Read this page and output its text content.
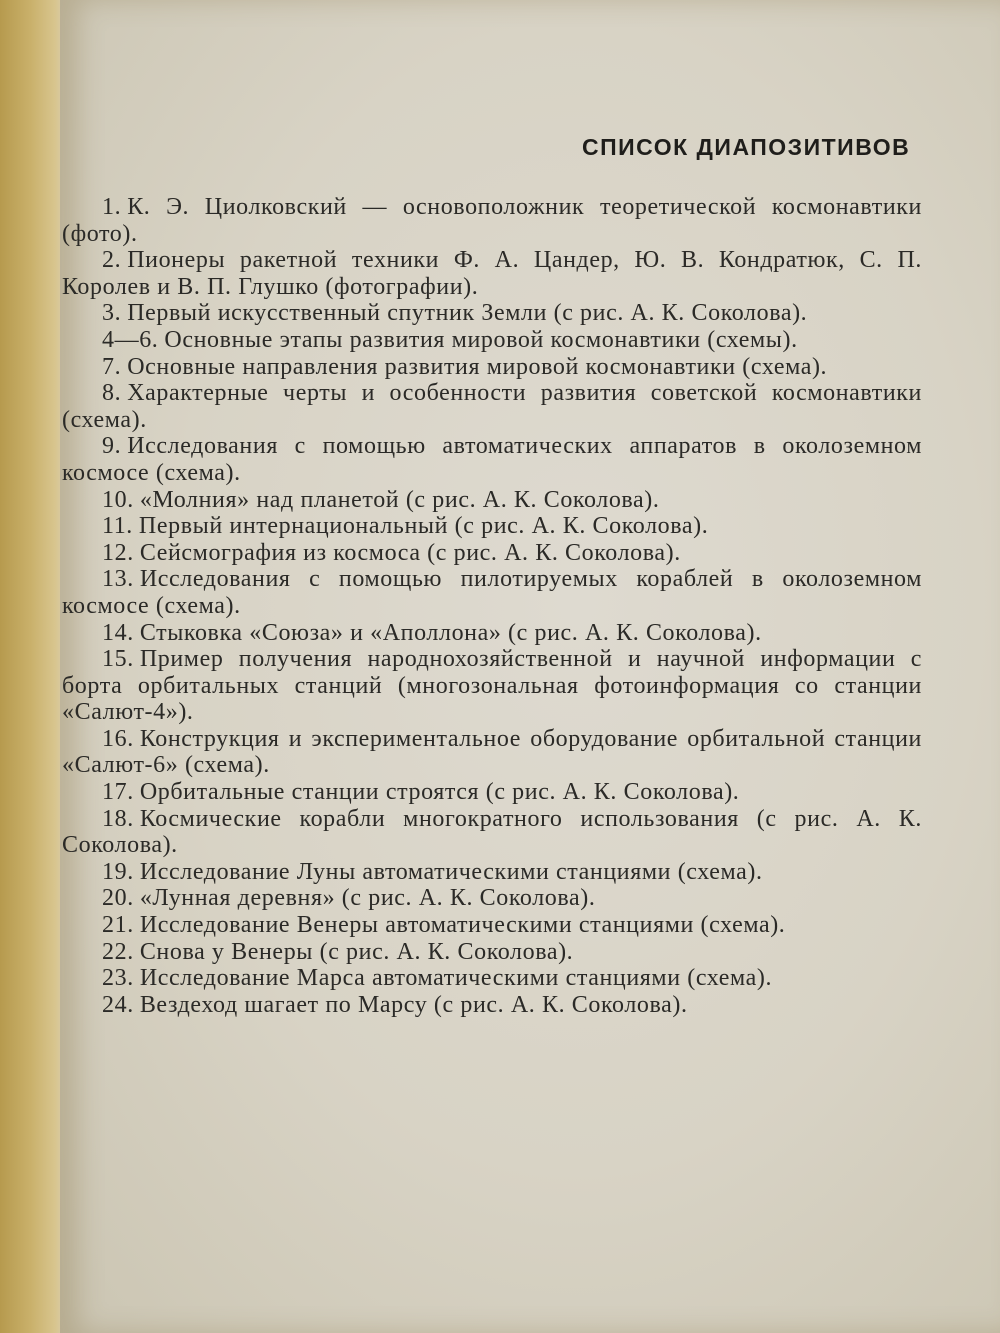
СПИСОК ДИАПОЗИТИВОВ
1. К. Э. Циолковский — основоположник теоретической космонавтики (фото).
2. Пионеры ракетной техники Ф. А. Цандер, Ю. В. Кондратюк, С. П. Королев и В. П. Глушко (фотографии).
3. Первый искусственный спутник Земли (с рис. А. К. Соколова).
4—6. Основные этапы развития мировой космонавтики (схемы).
7. Основные направления развития мировой космонавтики (схема).
8. Характерные черты и особенности развития советской космонавтики (схема).
9. Исследования с помощью автоматических аппаратов в околоземном космосе (схема).
10. «Молния» над планетой (с рис. А. К. Соколова).
11. Первый интернациональный (с рис. А. К. Соколова).
12. Сейсмография из космоса (с рис. А. К. Соколова).
13. Исследования с помощью пилотируемых кораблей в околоземном космосе (схема).
14. Стыковка «Союза» и «Аполлона» (с рис. А. К. Соколова).
15. Пример получения народнохозяйственной и научной информации с борта орбитальных станций (многозональная фотоинформация со станции «Салют-4»).
16. Конструкция и экспериментальное оборудование орбитальной станции «Салют-6» (схема).
17. Орбитальные станции строятся (с рис. А. К. Соколова).
18. Космические корабли многократного использования (с рис. А. К. Соколова).
19. Исследование Луны автоматическими станциями (схема).
20. «Лунная деревня» (с рис. А. К. Соколова).
21. Исследование Венеры автоматическими станциями (схема).
22. Снова у Венеры (с рис. А. К. Соколова).
23. Исследование Марса автоматическими станциями (схема).
24. Вездеход шагает по Марсу (с рис. А. К. Соколова).
